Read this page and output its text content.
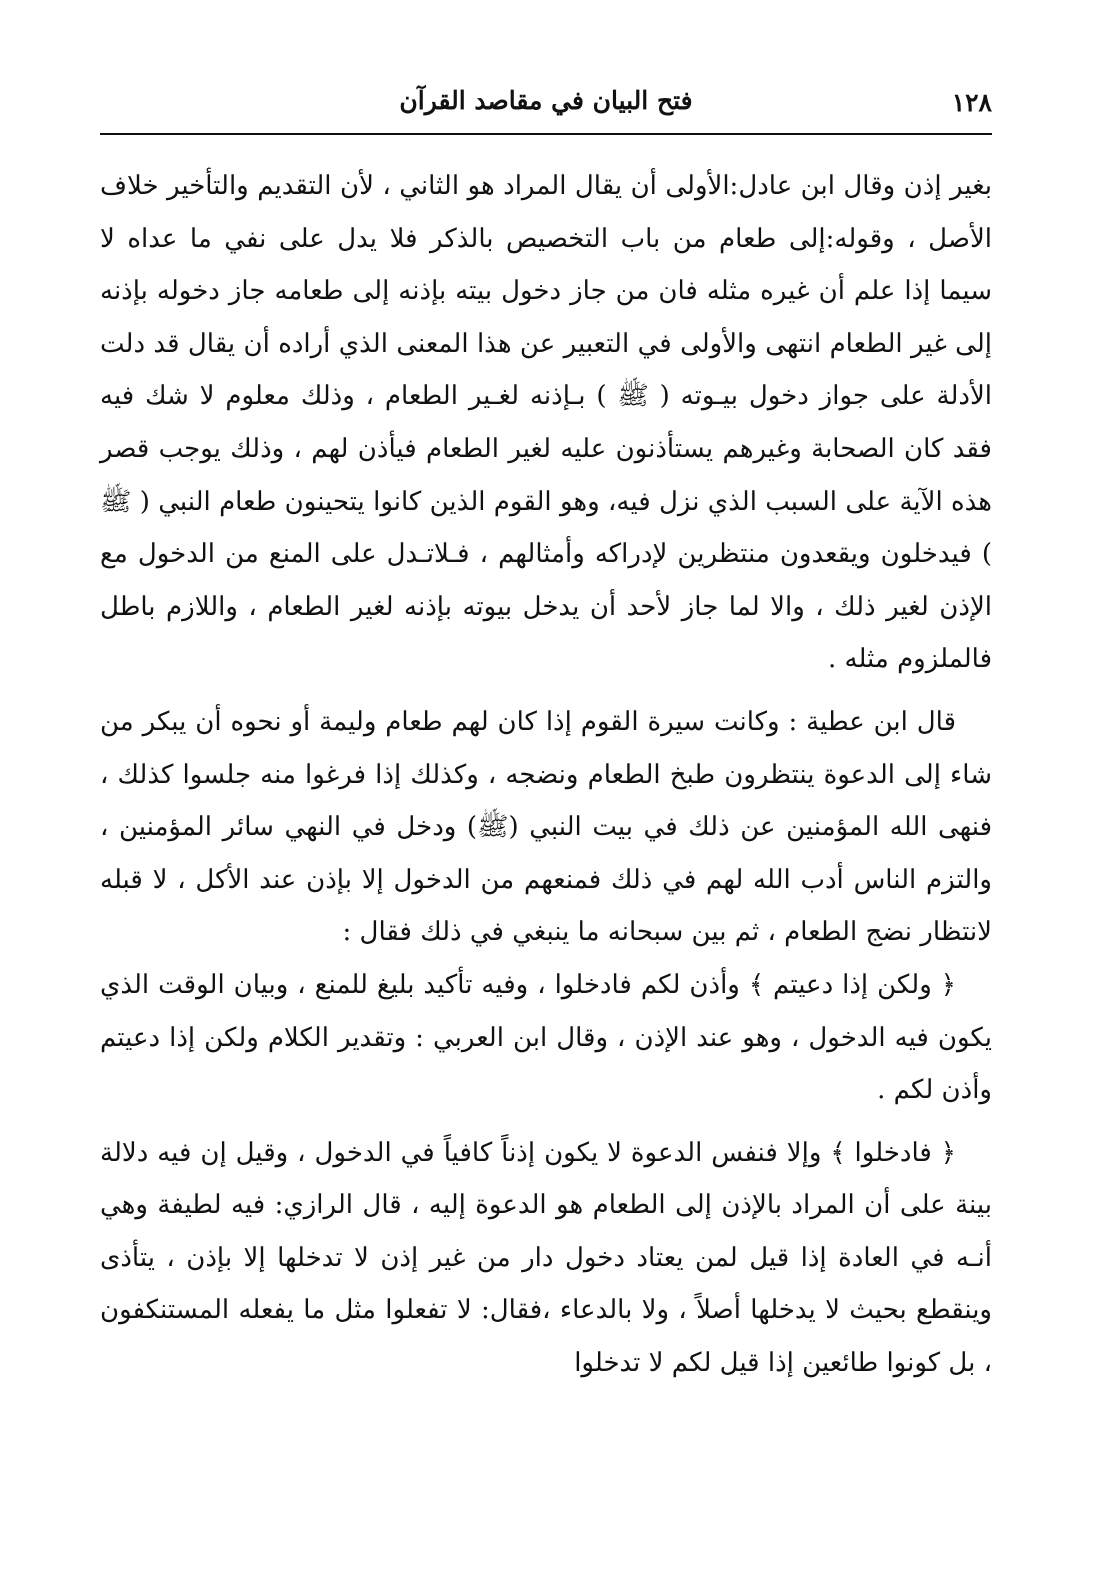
١٢٨
فتح البيان في مقاصد القرآن

بغير إذن وقال ابن عادل:الأولى أن يقال المراد هو الثاني ، لأن التقديم والتأخير خلاف الأصل ، وقوله:إلى طعام من باب التخصيص بالذكر فلا يدل على نفي ما عداه لا سيما إذا علم أن غيره مثله فان من جاز دخول بيته بإذنه إلى طعامه جاز دخوله بإذنه إلى غير الطعام انتهى والأولى في التعبير عن هذا المعنى الذي أراده أن يقال قد دلت الأدلة على جواز دخول بيـوته ( ﷺ ) بـإذنه لغـير الطعام ، وذلك معلوم لا شك فيه فقد كان الصحابة وغيرهم يستأذنون عليه لغير الطعام فيأذن لهم ، وذلك يوجب قصر هذه الآية على السبب الذي نزل فيه، وهو القوم الذين كانوا يتحينون طعام النبي ( ﷺ ) فيدخلون ويقعدون منتظرين لإدراكه وأمثالهم ، فـلاتـدل على المنع من الدخول مع الإذن لغير ذلك ، والا لما جاز لأحد أن يدخل بيوته بإذنه لغير الطعام ، واللازم باطل فالملزوم مثله .

قال ابن عطية : وكانت سيرة القوم إذا كان لهم طعام وليمة أو نحوه أن يبكر من شاء إلى الدعوة ينتظرون طبخ الطعام ونضجه ، وكذلك إذا فرغوا منه جلسوا كذلك ، فنهى الله المؤمنين عن ذلك في بيت النبي (ﷺ) ودخل في النهي سائر المؤمنين ، والتزم الناس أدب الله لهم في ذلك فمنعهم من الدخول إلا بإذن عند الأكل ، لا قبله لانتظار نضج الطعام ، ثم بين سبحانه ما ينبغي في ذلك فقال :

﴿ ولكن إذا دعيتم ﴾ وأذن لكم فادخلوا ، وفيه تأكيد بليغ للمنع ، وبيان الوقت الذي يكون فيه الدخول ، وهو عند الإذن ، وقال ابن العربي : وتقدير الكلام ولكن إذا دعيتم وأذن لكم .

﴿ فادخلوا ﴾ وإلا فنفس الدعوة لا يكون إذناً كافياً في الدخول ، وقيل إن فيه دلالة بينة على أن المراد بالإذن إلى الطعام هو الدعوة إليه ، قال الرازي: فيه لطيفة وهي أنـه في العادة إذا قيل لمن يعتاد دخول دار من غير إذن لا تدخلها إلا بإذن ، يتأذى وينقطع بحيث لا يدخلها أصلاً ، ولا بالدعاء ،فقال: لا تفعلوا مثل ما يفعله المستنكفون ، بل كونوا طائعين إذا قيل لكم لا تدخلوا
